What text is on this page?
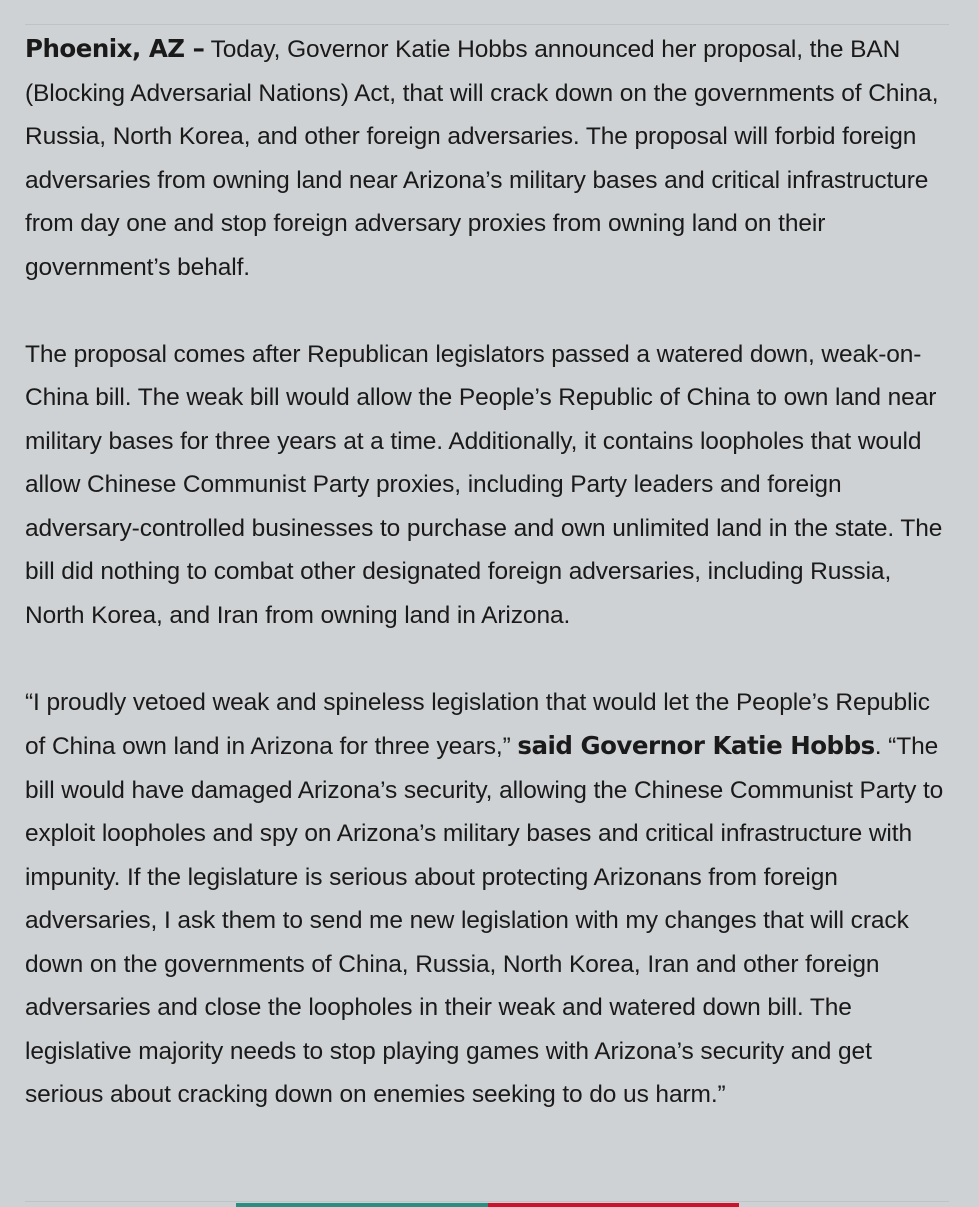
Phoenix, AZ – Today, Governor Katie Hobbs announced her proposal, the BAN (Blocking Adversarial Nations) Act, that will crack down on the governments of China, Russia, North Korea, and other foreign adversaries. The proposal will forbid foreign adversaries from owning land near Arizona’s military bases and critical infrastructure from day one and stop foreign adversary proxies from owning land on their government’s behalf.

The proposal comes after Republican legislators passed a watered down, weak-on-China bill. The weak bill would allow the People’s Republic of China to own land near military bases for three years at a time. Additionally, it contains loopholes that would allow Chinese Communist Party proxies, including Party leaders and foreign adversary-controlled businesses to purchase and own unlimited land in the state. The bill did nothing to combat other designated foreign adversaries, including Russia, North Korea, and Iran from owning land in Arizona.

“I proudly vetoed weak and spineless legislation that would let the People’s Republic of China own land in Arizona for three years,” said Governor Katie Hobbs. “The bill would have damaged Arizona’s security, allowing the Chinese Communist Party to exploit loopholes and spy on Arizona’s military bases and critical infrastructure with impunity. If the legislature is serious about protecting Arizonans from foreign adversaries, I ask them to send me new legislation with my changes that will crack down on the governments of China, Russia, North Korea, Iran and other foreign adversaries and close the loopholes in their weak and watered down bill. The legislative majority needs to stop playing games with Arizona’s security and get serious about cracking down on enemies seeking to do us harm.”
